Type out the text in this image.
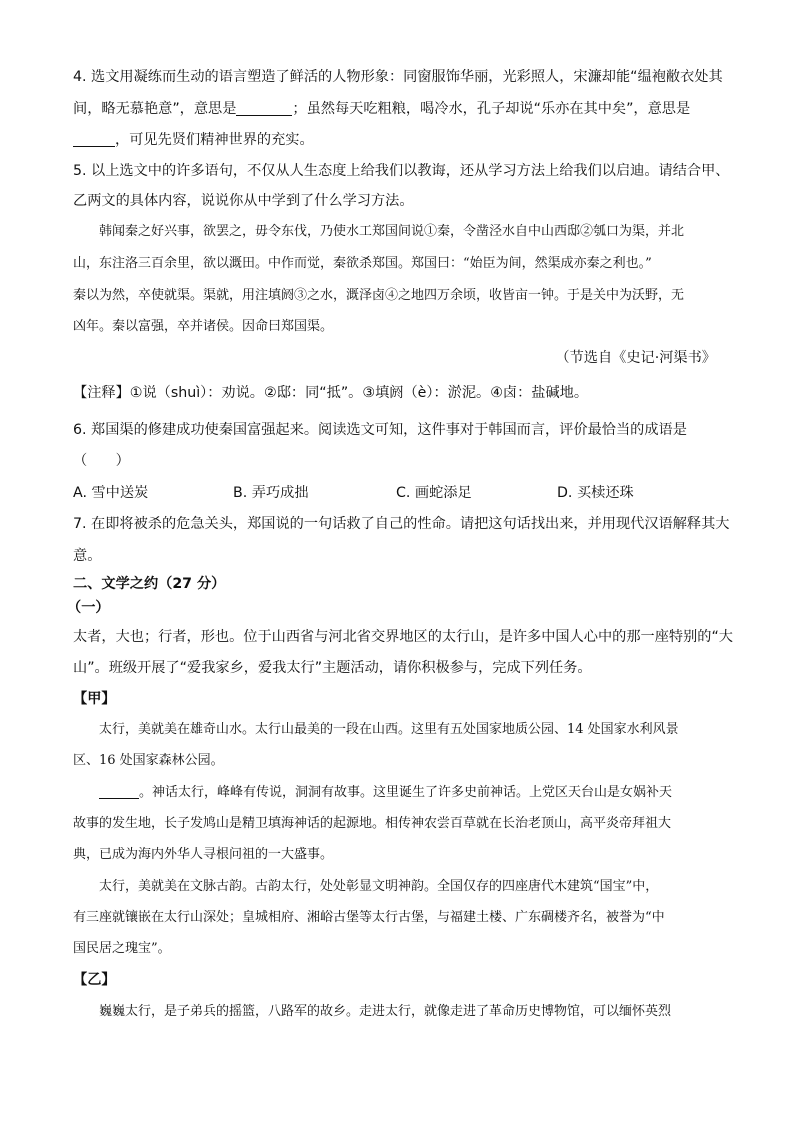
4. 选文用凝练而生动的语言塑造了鲜活的人物形象：同窗服饰华丽，光彩照人，宋濂却能“缊袍敝衣处其
间，略无慕艳意”，意思是	；虽然每天吃粗粮，喝冷水，孔子却说“乐亦在其中矣”，意思是
，可见先贤们精神世界的充实。
5. 以上选文中的许多语句，不仅从人生态度上给我们以教诲，还从学习方法上给我们以启迪。请结合甲、
乙两文的具体内容，说说你从中学到了什么学习方法。
韩闻秦之好兴事，欲罢之，毋令东伐，乃使水工郑国间说①秦，令凿泾水自中山西邸②瓠口为渠，并北
山，东注洛三百余里，欲以溉田。中作而觉，秦欲杀郑国。郑国曰：“始臣为间，然渠成亦秦之利也。”
秦以为然，卒使就渠。渠就，用注填阏③之水，溉泽卤④之地四万余顷，收皆亩一钟。于是关中为沃野，无
凶年。秦以富强，卒并诸侯。因命曰郑国渠。
（节选自《史记·河渠书》
【注释】①说（shuì）：劝说。②邸：同“抵”。③填阏（è）：淤泥。④卤：盐碱地。
6. 郑国渠的修建成功使秦国富强起来。阅读选文可知，这件事对于韩国而言，评价最恰当的成语是
（　　）
A. 雪中送炭	B. 弄巧成拙	C. 画蛇添足	D. 买椟还珠
7. 在即将被杀的危急关头，郑国说的一句话救了自己的性命。请把这句话找出来，并用现代汉语解释其大
意。
二、文学之约（27 分）
（一）
太者，大也；行者，形也。位于山西省与河北省交界地区的太行山，是许多中国人心中的那一座特别的“大
山”。班级开展了“爱我家乡，爱我太行”主题活动，请你积极参与，完成下列任务。
【甲】
太行，美就美在雄奇山水。太行山最美的一段在山西。这里有五处国家地质公园、14 处国家水利风景
区、16 处国家森林公园。
。神话太行，峰峰有传说，洞洞有故事。这里诞生了许多史前神话。上党区天台山是女娲补天
故事的发生地，长子发鸠山是精卫填海神话的起源地。相传神农尝百草就在长治老顶山，高平炎帝拜祖大
典，已成为海内外华人寻根问祖的一大盛事。
太行，美就美在文脉古韵。古韵太行，处处彰显文明神韵。全国仅存的四座唐代木建筑“国宝”中，
有三座就镶嵌在太行山深处；皇城相府、湘峪古堡等太行古堡，与福建土楼、广东碉楼齐名，被誉为“中
国民居之瑰宝”。
【乙】
巍巍太行，是子弟兵的摇篮，八路军的故乡。走进太行，就像走进了革命历史博物馆，可以缅怀英烈
